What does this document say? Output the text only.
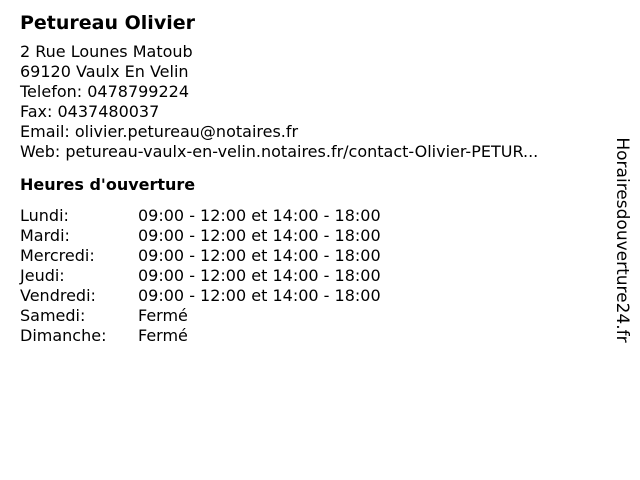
Petureau Olivier
2 Rue Lounes Matoub
69120 Vaulx En Velin
Telefon: 0478799224
Fax: 0437480037
Email: olivier.petureau@notaires.fr
Web: petureau-vaulx-en-velin.notaires.fr/contact-Olivier-PETUR...
Heures d'ouverture
Lundi:	09:00 - 12:00 et 14:00 - 18:00
Mardi:	09:00 - 12:00 et 14:00 - 18:00
Mercredi:	09:00 - 12:00 et 14:00 - 18:00
Jeudi:	09:00 - 12:00 et 14:00 - 18:00
Vendredi:	09:00 - 12:00 et 14:00 - 18:00
Samedi:	Fermé
Dimanche:	Fermé	Horairesdouverture24.fr
